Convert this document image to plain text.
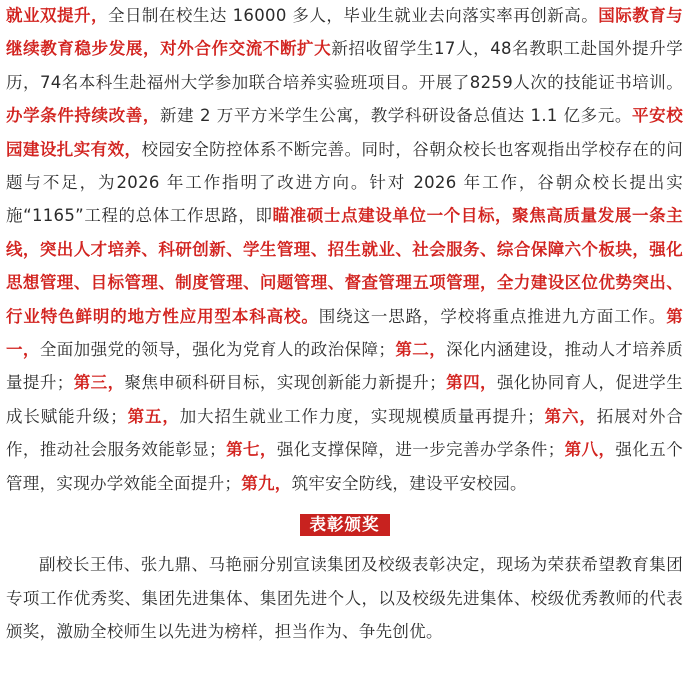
就业双提升，全日制在校生达 16000 多人，毕业生就业去向落实率再创新高。国际教育与继续教育稳步发展，对外合作交流不断扩大新招收留学生17人，48名教职工赴国外提升学历，74名本科生赴福州大学参加联合培养实验班项目。开展了8259人次的技能证书培训。办学条件持续改善，新建 2 万平方米学生公寓，教学科研设备总值达 1.1 亿多元。平安校园建设扎实有效，校园安全防控体系不断完善。同时，谷朝众校长也客观指出学校存在的问题与不足，为2026 年工作指明了改进方向。针对 2026 年工作，谷朝众校长提出实施“1165”工程的总体工作思路，即瞄准硕士点建设单位一个目标，聚焦高质量发展一条主线，突出人才培养、科研创新、学生管理、招生就业、社会服务、综合保障六个板块，强化思想管理、目标管理、制度管理、问题管理、督查管理五项管理，全力建设区位优势突出、行业特色鲜明的地方性应用型本科高校。围绕这一思路，学校将重点推进九方面工作。第一，全面加强党的领导，强化为党育人的政治保障；第二，深化内涵建设，推动人才培养质量提升；第三，聚焦申硕科研目标，实现创新能力新提升；第四，强化协同育人，促进学生成长赋能升级；第五，加大招生就业工作力度，实现规模质量再提升；第六，拓展对外合作，推动社会服务效能彰显；第七，强化支撑保障，进一步完善办学条件；第八，强化五个管理，实现办学效能全面提升；第九，筑牢安全防线，建设平安校园。

表彰颁奖

副校长王伟、张九鼎、马艳丽分别宣读集团及校级表彰决定，现场为荣获希望教育集团专项工作优秀奖、集团先进集体、集团先进个人，以及校级先进集体、校级优秀教师的代表颁奖，激励全校师生以先进为榜样，担当作为、争先创优。
